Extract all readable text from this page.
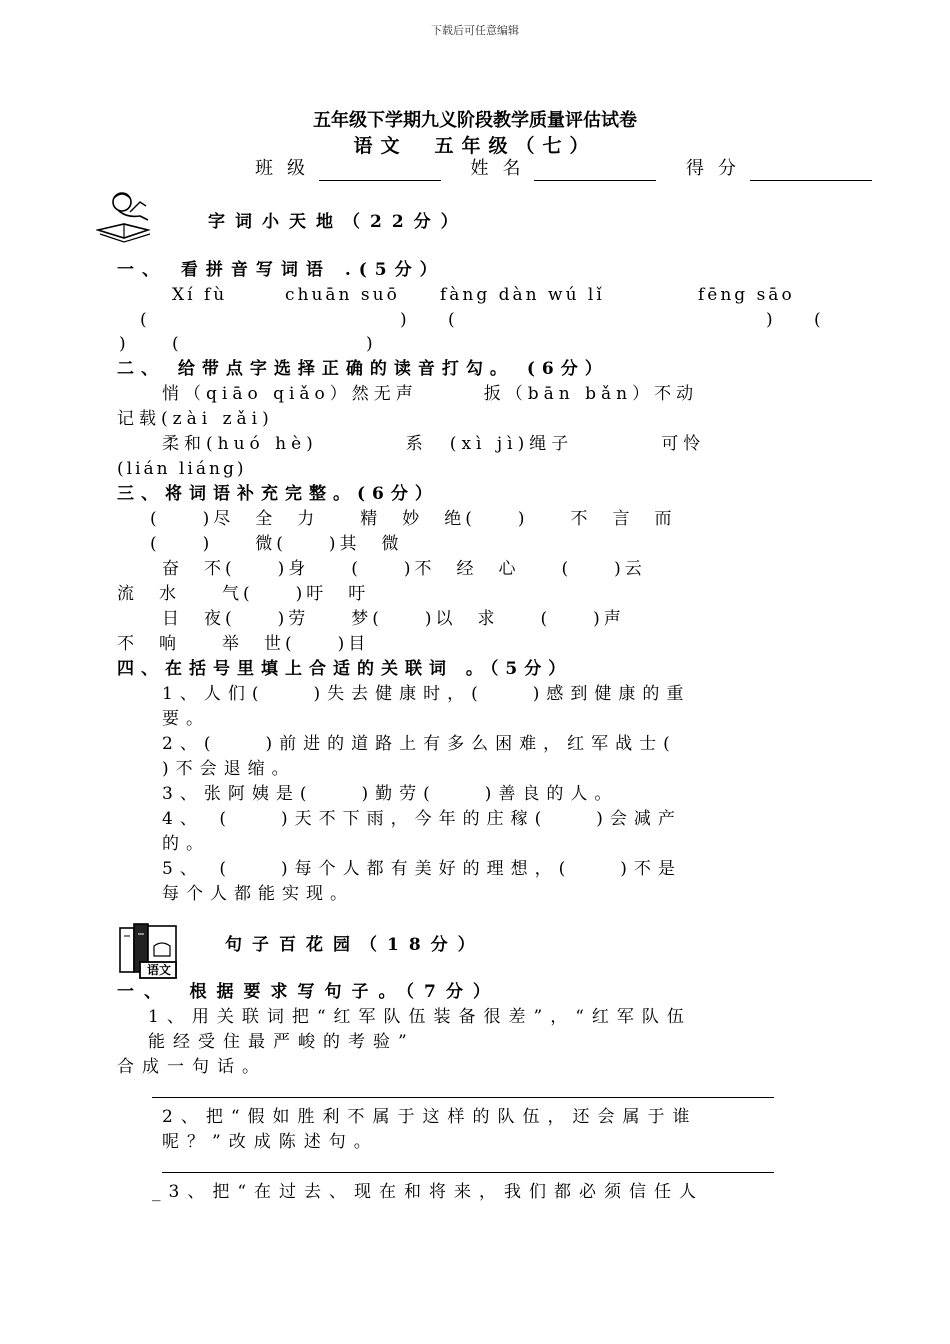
下载后可任意编辑
五年级下学期九义阶段教学质量评估试卷
语文　五年级（七）
班级	姓名	得分
字词小天地（22分）
一、 看拼音写词语 .(5分）
Xí fù	chuān suō fàng dàn wú lǐ	fēng sāo
(	) (	) (
)	(	)
二、 给带点字选择正确的读音打勾。 (6分）
悄（qiāo qiǎo）然无声　　　扳（bān bǎn）不动
记载(zài zǎi)
柔和(huó hè)　　　　系　(xì jì)绳子　　　　可怜
(lián liáng)
三、将词语补充完整。(6分）
(　　)尽　全　力　　精　妙　绝(　　)　　不　言　而
(　　)　　微(　　)其　微
奋　不(　　)身　　(　　)不　经　心　　(　　)云
流　水　　气(　　)吁　吁
日　夜(　　)劳　　梦(　　)以　求　　(　　)声
不　响　　举　世(　　)目
四、在括号里填上合适的关联词 。（5分）
1、人们(　　)失去健康时，(　　)感到健康的重
要。
2、(　　)前进的道路上有多么困难，红军战士(
)不会退缩。
3、张阿姨是(　　)勤劳(　　)善良的人。
4、　(　　)天不下雨，今年的庄稼(　　)会减产
的。
5、　(　　)每个人都有美好的理想，(　　)不是
每个人都能实现。
语文
句子百花园（18分）
一、　根据要求写句子。（7分）
1、用关联词把“红军队伍装备很差”，“红军队伍
能经受住最严峻的考验”
合成一句话。
2、把“假如胜利不属于这样的队伍，还会属于谁
呢？”改成陈述句。
_3、把“在过去、现在和将来，我们都必须信任人
